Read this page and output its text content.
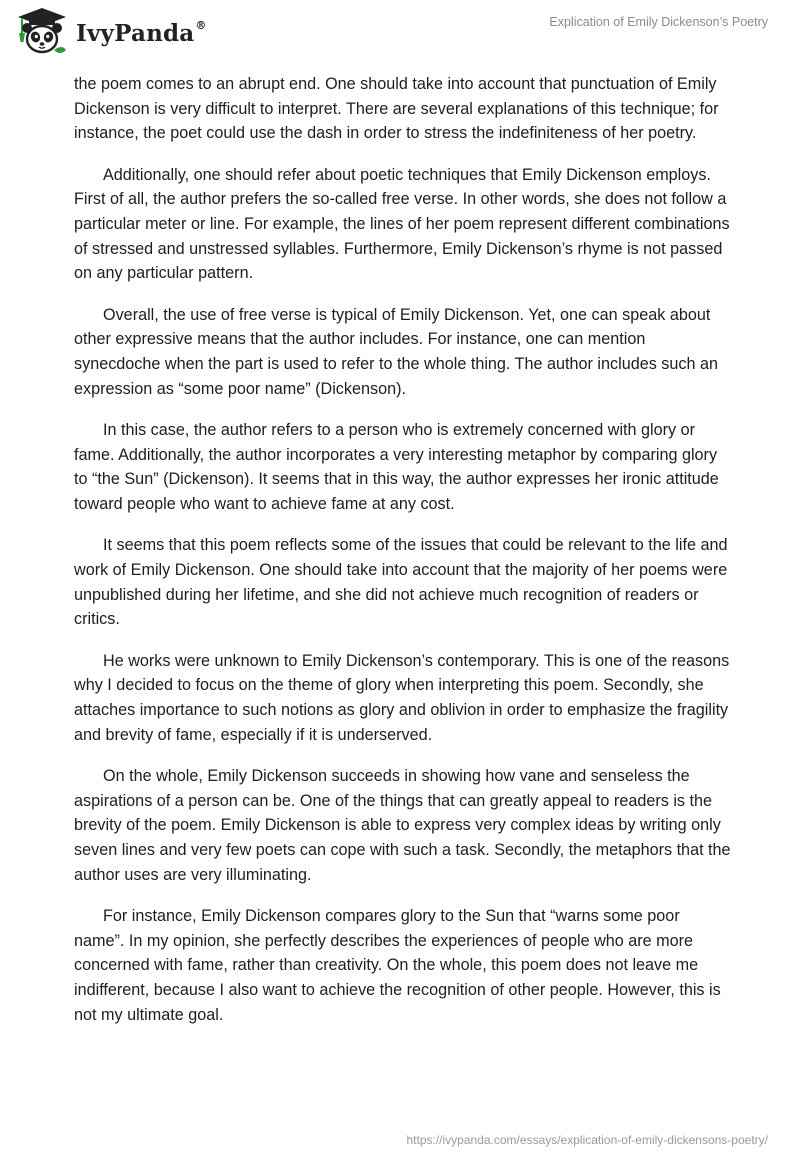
IvyPanda®	Explication of Emily Dickenson’s Poetry

the poem comes to an abrupt end. One should take into account that punctuation of Emily Dickenson is very difficult to interpret. There are several explanations of this technique; for instance, the poet could use the dash in order to stress the indefiniteness of her poetry.

Additionally, one should refer about poetic techniques that Emily Dickenson employs. First of all, the author prefers the so-called free verse. In other words, she does not follow a particular meter or line. For example, the lines of her poem represent different combinations of stressed and unstressed syllables. Furthermore, Emily Dickenson’s rhyme is not passed on any particular pattern.

Overall, the use of free verse is typical of Emily Dickenson. Yet, one can speak about other expressive means that the author includes. For instance, one can mention synecdoche when the part is used to refer to the whole thing. The author includes such an expression as “some poor name” (Dickenson).

In this case, the author refers to a person who is extremely concerned with glory or fame. Additionally, the author incorporates a very interesting metaphor by comparing glory to “the Sun” (Dickenson). It seems that in this way, the author expresses her ironic attitude toward people who want to achieve fame at any cost.

It seems that this poem reflects some of the issues that could be relevant to the life and work of Emily Dickenson. One should take into account that the majority of her poems were unpublished during her lifetime, and she did not achieve much recognition of readers or critics.

He works were unknown to Emily Dickenson’s contemporary. This is one of the reasons why I decided to focus on the theme of glory when interpreting this poem. Secondly, she attaches importance to such notions as glory and oblivion in order to emphasize the fragility and brevity of fame, especially if it is underserved.

On the whole, Emily Dickenson succeeds in showing how vane and senseless the aspirations of a person can be. One of the things that can greatly appeal to readers is the brevity of the poem. Emily Dickenson is able to express very complex ideas by writing only seven lines and very few poets can cope with such a task. Secondly, the metaphors that the author uses are very illuminating.

For instance, Emily Dickenson compares glory to the Sun that “warns some poor name”. In my opinion, she perfectly describes the experiences of people who are more concerned with fame, rather than creativity. On the whole, this poem does not leave me indifferent, because I also want to achieve the recognition of other people. However, this is not my ultimate goal.

https://ivypanda.com/essays/explication-of-emily-dickensons-poetry/
